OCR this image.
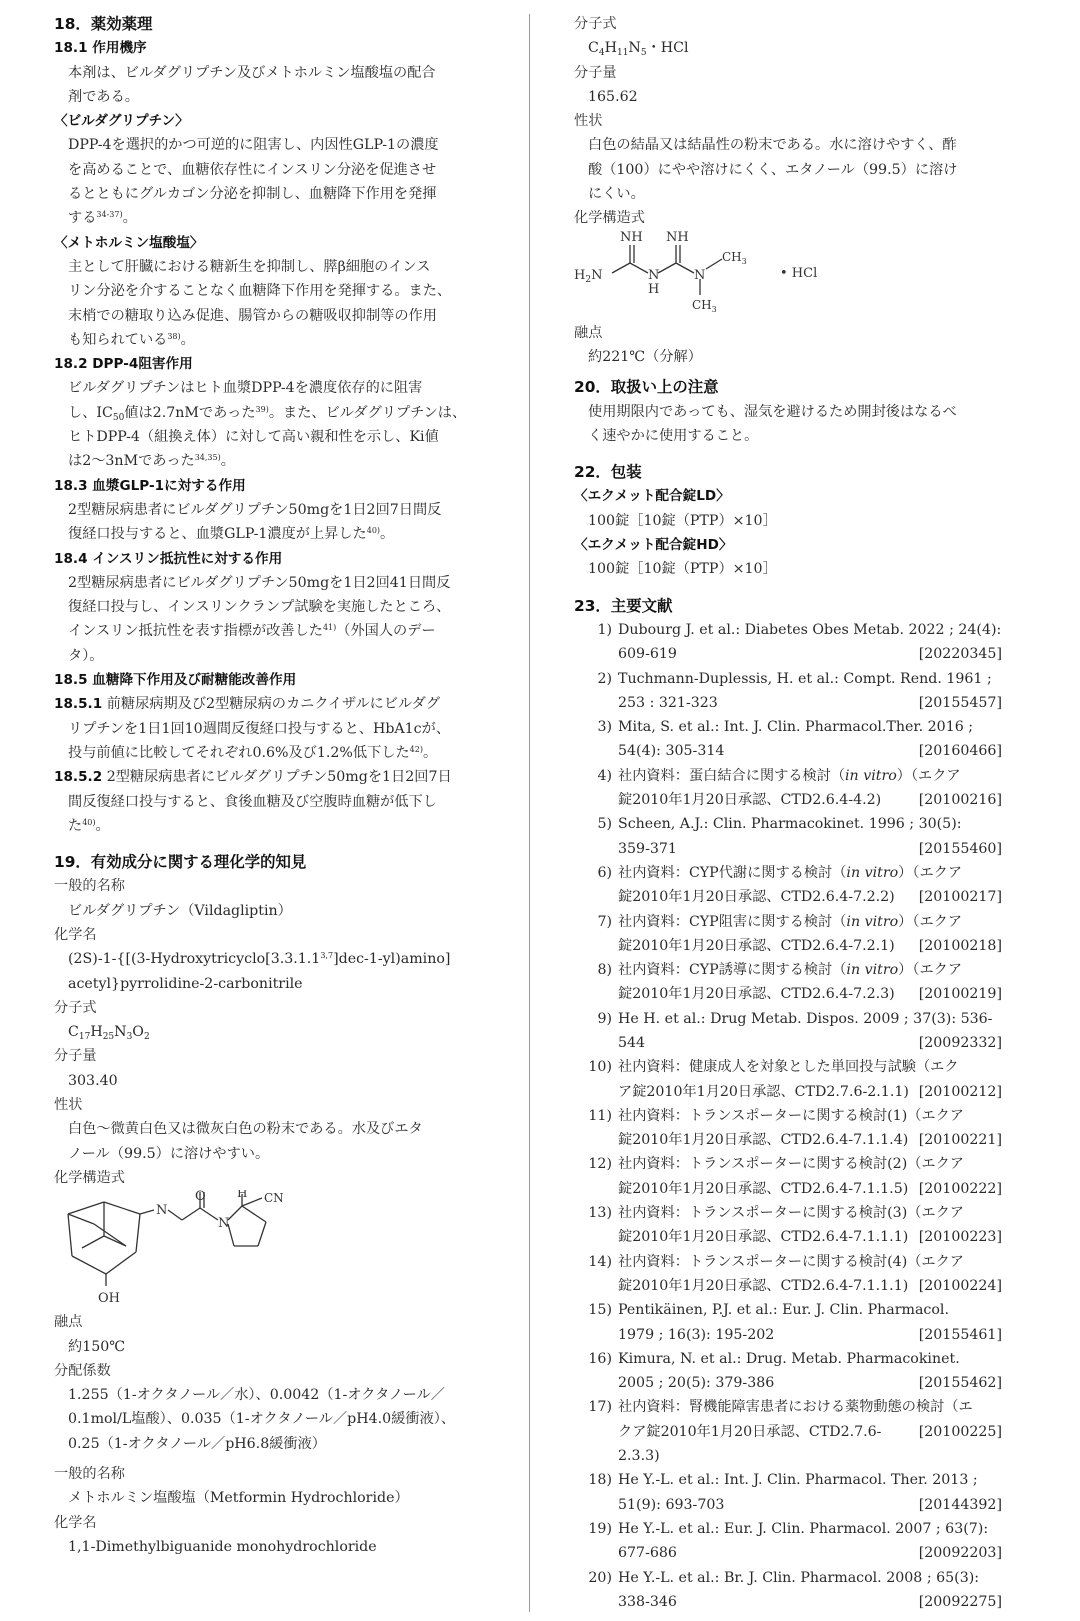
18．薬効薬理
18.1 作用機序
本剤は、ビルダグリプチン及びメトホルミン塩酸塩の配合
剤である。
〈ビルダグリプチン〉
DPP-4を選択的かつ可逆的に阻害し、内因性GLP-1の濃度
を高めることで、血糖依存性にインスリン分泌を促進させ
るとともにグルカゴン分泌を抑制し、血糖降下作用を発揮
する$^{34-37)}$。
〈メトホルミン塩酸塩〉
主として肝臓における糖新生を抑制し、膵β細胞のインス
リン分泌を介することなく血糖降下作用を発揮する。また、
末梢での糖取り込み促進、腸管からの糖吸収抑制等の作用
も知られている$^{38)}$。
18.2 DPP-4阻害作用
ビルダグリプチンはヒト血漿DPP-4を濃度依存的に阻害
し、$IC_{50}$値は2.7nMであった$^{39)}$。また、ビルダグリプチンは、
ヒトDPP-4（組換え体）に対して高い親和性を示し、Ki値
は2～3nMであった$^{34,35)}$。
18.3 血漿GLP-1に対する作用
2型糖尿病患者にビルダグリプチン50mgを1日2回7日間反
復経口投与すると、血漿GLP-1濃度が上昇した$^{40)}$。
18.4 インスリン抵抗性に対する作用
2型糖尿病患者にビルダグリプチン50mgを1日2回41日間反
復経口投与し、インスリンクランプ試験を実施したところ、
インスリン抵抗性を表す指標が改善した$^{41)}$（外国人のデー
タ）。
18.5 血糖降下作用及び耐糖能改善作用
18.5.1 前糖尿病期及び2型糖尿病のカニクイザルにビルダグ
リプチンを1日1回10週間反復経口投与すると、HbA1cが、
投与前値に比較してそれぞれ0.6%及び1.2%低下した$^{42)}$。
18.5.2 2型糖尿病患者にビルダグリプチン50mgを1日2回7日
間反復経口投与すると、食後血糖及び空腹時血糖が低下し
た$^{40)}$。
19．有効成分に関する理化学的知見
一般的名称
ビルダグリプチン（Vildagliptin）
化学名
(2S)-1-{[(3-Hydroxytricyclo[3.3.1.1$^{3,7}$]dec-1-yl)amino]
acetyl}pyrrolidine-2-carbonitrile
分子式
$C_{17}H_{25}N_3O_2$
分子量
303.40
性状
白色～微黄白色又は微灰白色の粉末である。水及びエタ
ノール（99.5）に溶けやすい。
化学構造式
N
O
N
H CN
OH
融点
約150℃
分配係数
1.255（1-オクタノール／水）、0.0042（1-オクタノール／
0.1mol/L塩酸）、0.035（1-オクタノール／pH4.0緩衝液）、
0.25（1-オクタノール／pH6.8緩衝液）
一般的名称
メトホルミン塩酸塩（Metformin Hydrochloride）
化学名
1,1-Dimethylbiguanide monohydrochloride
分子式
$C_4H_{11}N_5$・HCl
分子量
165.62
性状
白色の結晶又は結晶性の粉末である。水に溶けやすく、酢
酸（100）にやや溶けにくく、エタノール（99.5）に溶け
にくい。
化学構造式
NH NH
$H_2N$	N
H
N
$CH_3$
$CH_3$
• HCl
融点
約221℃（分解）
20．取扱い上の注意
使用期限内であっても、湿気を避けるため開封後はなるべ
く速やかに使用すること。
22．包装
〈エクメット配合錠LD〉
100錠［10錠（PTP）×10］
〈エクメット配合錠HD〉
100錠［10錠（PTP）×10］
23．主要文献
1) Dubourg J. et al.: Diabetes Obes Metab. 2022 ; 24(4):
609-619	[20220345]
2) Tuchmann-Duplessis, H. et al.: Compt. Rend. 1961 ;
253 : 321-323	[20155457]
3) Mita, S. et al.: Int. J. Clin. Pharmacol.Ther. 2016 ;
54(4): 305-314	[20160466]
4) 社内資料：蛋白結合に関する検討（in vitro）（エクア
錠2010年1月20日承認、CTD2.6.4-4.2)	[20100216]
5) Scheen, A.J.: Clin. Pharmacokinet. 1996 ; 30(5):
359-371	[20155460]
6) 社内資料：CYP代謝に関する検討（in vitro）（エクア
錠2010年1月20日承認、CTD2.6.4-7.2.2) [20100217]
7) 社内資料：CYP阻害に関する検討（in vitro）（エクア
錠2010年1月20日承認、CTD2.6.4-7.2.1) [20100218]
8) 社内資料：CYP誘導に関する検討（in vitro）（エクア
錠2010年1月20日承認、CTD2.6.4-7.2.3) [20100219]
9) He H. et al.: Drug Metab. Dispos. 2009 ; 37(3): 536-
544	[20092332]
10) 社内資料：健康成人を対象とした単回投与試験（エク
ア錠2010年1月20日承認、CTD2.7.6-2.1.1) [20100212]
11) 社内資料：トランスポーターに関する検討(1)（エクア
錠2010年1月20日承認、CTD2.6.4-7.1.1.4) [20100221]
12) 社内資料：トランスポーターに関する検討(2)（エクア
錠2010年1月20日承認、CTD2.6.4-7.1.1.5) [20100222]
13) 社内資料：トランスポーターに関する検討(3)（エクア
錠2010年1月20日承認、CTD2.6.4-7.1.1.1) [20100223]
14) 社内資料：トランスポーターに関する検討(4)（エクア
錠2010年1月20日承認、CTD2.6.4-7.1.1.1) [20100224]
15) Pentikäinen, P.J. et al.: Eur. J. Clin. Pharmacol.
1979 ; 16(3): 195-202	[20155461]
16) Kimura, N. et al.: Drug. Metab. Pharmacokinet.
2005 ; 20(5): 379-386	[20155462]
17) 社内資料：腎機能障害患者における薬物動態の検討（エ
クア錠2010年1月20日承認、CTD2.7.6-2.3.3)
[20100225]
18) He Y.-L. et al.: Int. J. Clin. Pharmacol. Ther. 2013 ;
51(9): 693-703	[20144392]
19) He Y.-L. et al.: Eur. J. Clin. Pharmacol. 2007 ; 63(7):
677-686	[20092203]
20) He Y.-L. et al.: Br. J. Clin. Pharmacol. 2008 ; 65(3):
338-346	[20092275]
